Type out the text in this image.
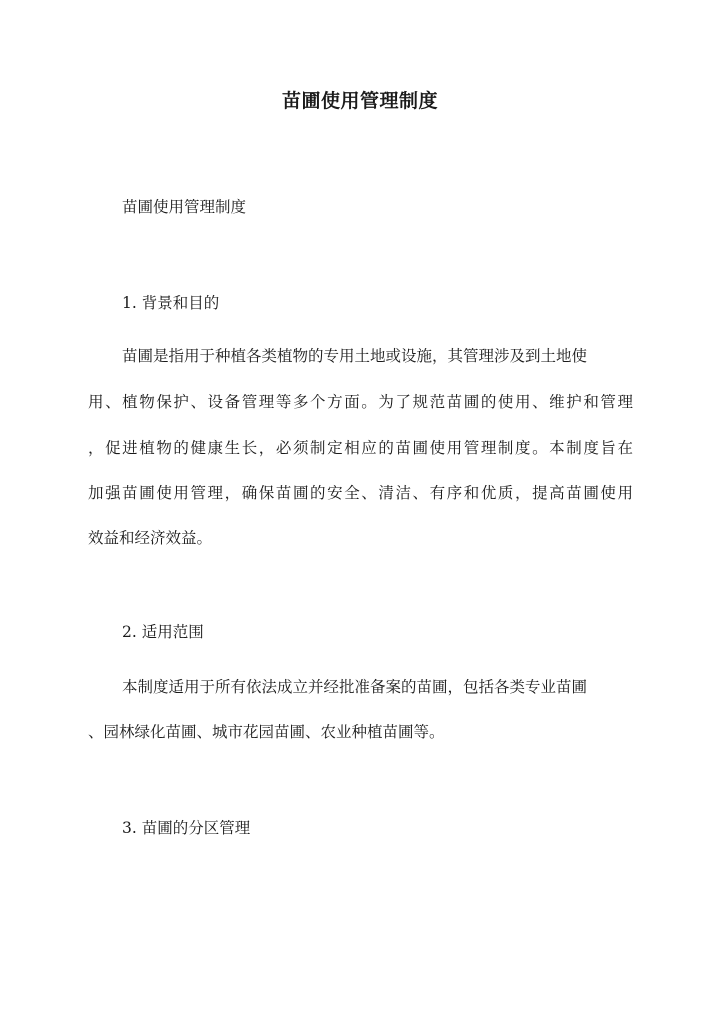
苗圃使用管理制度

苗圃使用管理制度

1. 背景和目的

苗圃是指用于种植各类植物的专用土地或设施，其管理涉及到土地使

用、植物保护、设备管理等多个方面。为了规范苗圃的使用、维护和管理

，促进植物的健康生长，必须制定相应的苗圃使用管理制度。本制度旨在

加强苗圃使用管理，确保苗圃的安全、清洁、有序和优质，提高苗圃使用

效益和经济效益。

2. 适用范围

本制度适用于所有依法成立并经批准备案的苗圃，包括各类专业苗圃

、园林绿化苗圃、城市花园苗圃、农业种植苗圃等。

3. 苗圃的分区管理
